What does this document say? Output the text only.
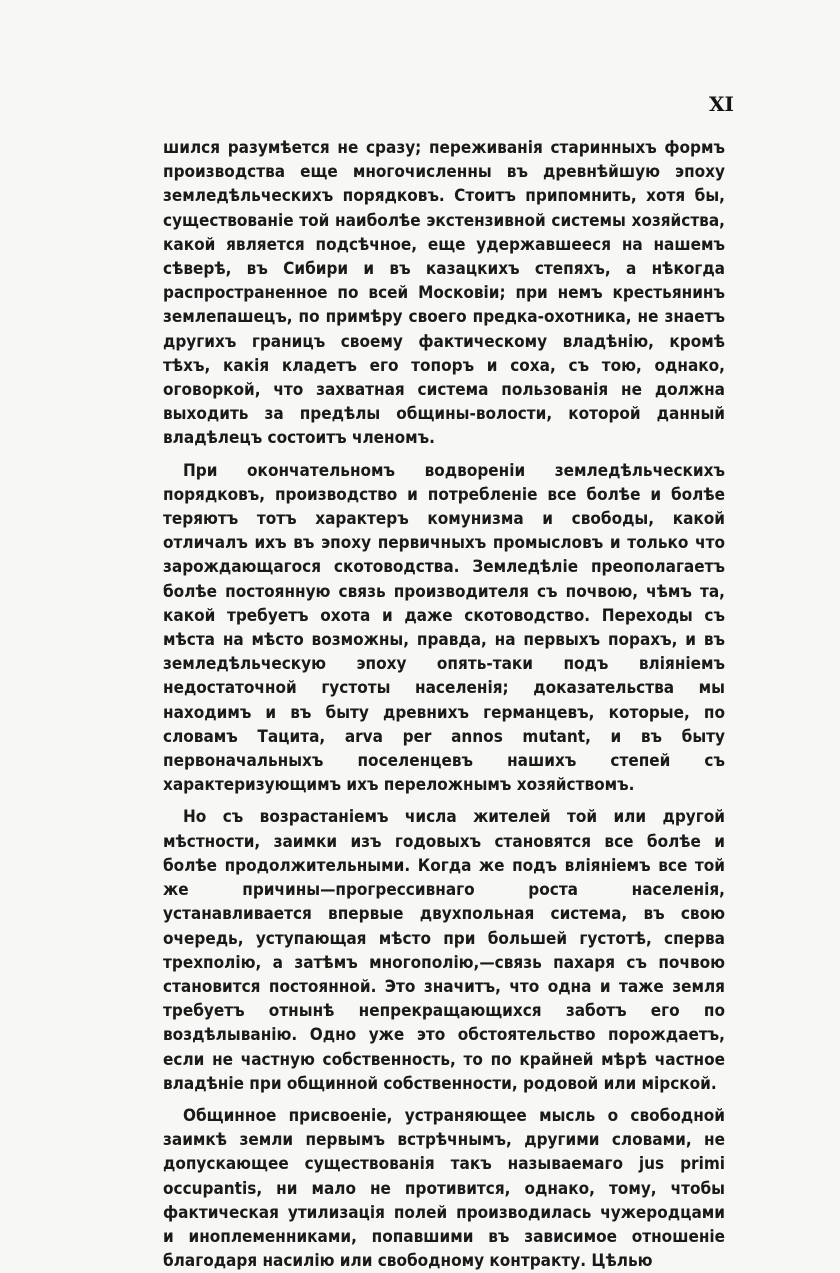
XI

шился разумѣется не сразу; переживанія старинныхъ формъ производства еще многочисленны въ древнѣйшую эпоху земледѣльческихъ порядковъ. Стоитъ припомнить, хотя бы, существованіе той наиболѣе экстензивной системы хозяйства, какой является подсѣчное, еще удержавшееся на нашемъ сѣверѣ, въ Сибири и въ казацкихъ степяхъ, а нѣкогда распространенное по всей Московіи; при немъ крестьянинъ землепашецъ, по примѣру своего предка-охотника, не знаетъ другихъ границъ своему фактическому владѣнію, кромѣ тѣхъ, какія кладетъ его топоръ и соха, съ тою, однако, оговоркой, что захватная система пользованія не должна выходить за предѣлы общины-волости, которой данный владѣлецъ состоитъ членомъ.

При окончательномъ водвореніи земледѣльческихъ порядковъ, производство и потребленіе все болѣе и болѣе теряютъ тотъ характеръ комунизма и свободы, какой отличалъ ихъ въ эпоху первичныхъ промысловъ и только что зарождающагося скотоводства. Земледѣліе преополагаетъ болѣе постоянную связь производителя съ почвою, чѣмъ та, какой требуетъ охота и даже скотоводство. Переходы съ мѣста на мѣсто возможны, правда, на первыхъ порахъ, и въ земледѣльческую эпоху опять-таки подъ вліяніемъ недостаточной густоты населенія; доказательства мы находимъ и въ быту древнихъ германцевъ, которые, по словамъ Тацита, arva per annos mutant, и въ быту первоначальныхъ поселенцевъ нашихъ степей съ характеризующимъ ихъ переложнымъ хозяйствомъ.

Но съ возрастаніемъ числа жителей той или другой мѣстности, заимки изъ годовыхъ становятся все болѣе и болѣе продолжительными. Когда же подъ вліяніемъ все той же причины—прогрессивнаго роста населенія, устанавливается впервые двухпольная система, въ свою очередь, уступающая мѣсто при большей густотѣ, сперва трехполію, а затѣмъ многополію,—связь пахаря съ почвою становится постоянной. Это значитъ, что одна и таже земля требуетъ отнынѣ непрекращающихся заботъ его по воздѣлыванію. Одно уже это обстоятельство порождаетъ, если не частную собственность, то по крайней мѣрѣ частное владѣніе при общинной собственности, родовой или мірской.

Общинное присвоеніе, устраняющее мысль о свободной заимкѣ земли первымъ встрѣчнымъ, другими словами, не допускающее существованія такъ называемаго jus primi occupantis, ни мало не противится, однако, тому, чтобы фактическая утилизація полей производилась чужеродцами и иноплеменниками, попавшими въ зависимое отношеніе благодаря насилію или свободному контракту. Цѣлью
